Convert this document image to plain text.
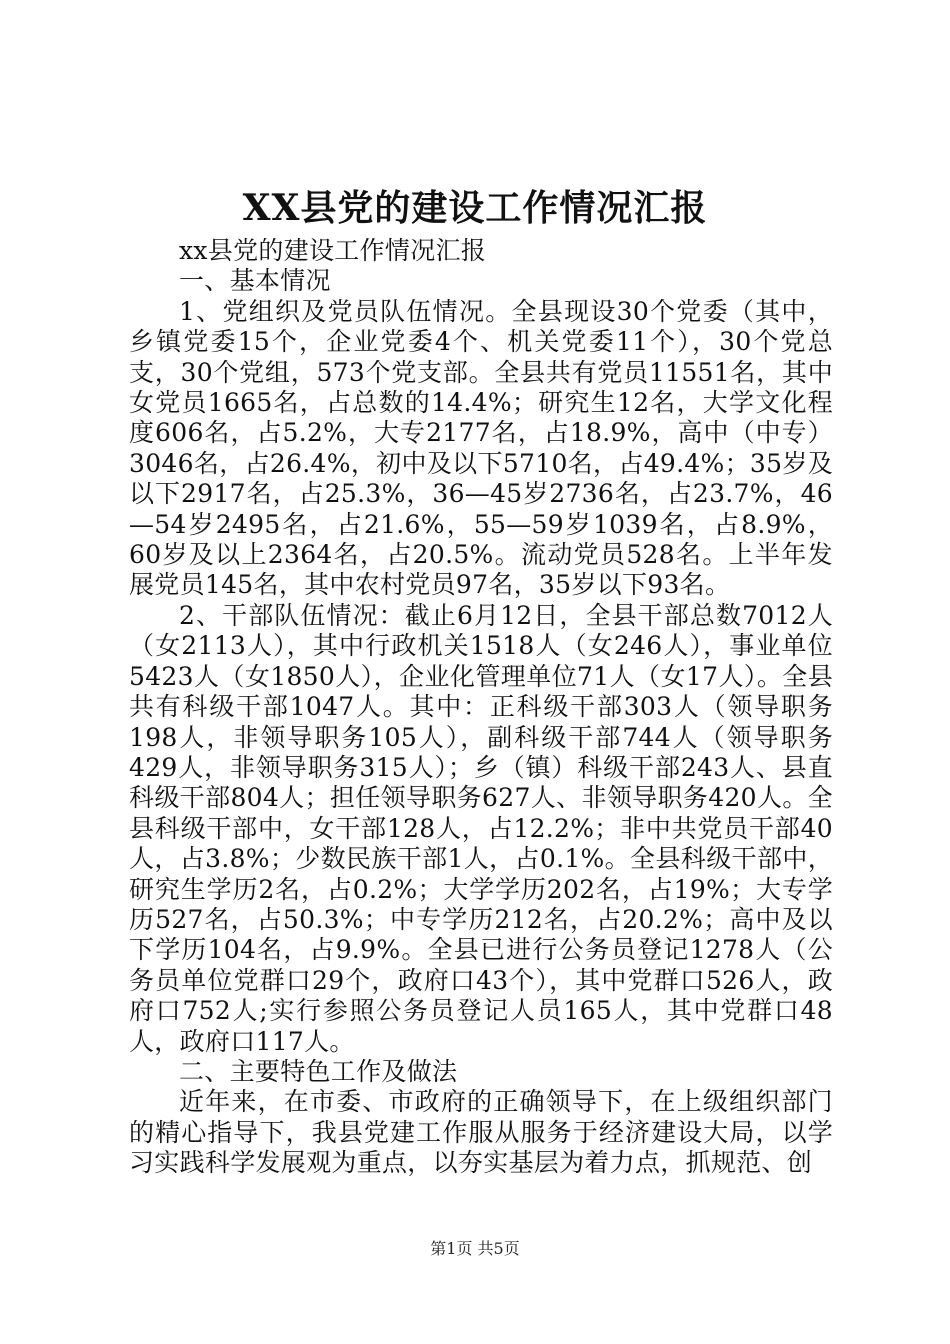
XX县党的建设工作情况汇报

xx县党的建设工作情况汇报

一、基本情况

1、党组织及党员队伍情况。全县现设30个党委（其中，乡镇党委15个，企业党委4个、机关党委11个），30个党总支，30个党组，573个党支部。全县共有党员11551名，其中女党员1665名，占总数的14.4%；研究生12名，大学文化程度606名，占5.2%，大专2177名，占18.9%，高中（中专）3046名，占26.4%，初中及以下5710名，占49.4%；35岁及以下2917名，占25.3%，36—45岁2736名，占23.7%，46—54岁2495名，占21.6%，55—59岁1039名，占8.9%，60岁及以上2364名，占20.5%。流动党员528名。上半年发展党员145名，其中农村党员97名，35岁以下93名。

2、干部队伍情况：截止6月12日，全县干部总数7012人（女2113人），其中行政机关1518人（女246人），事业单位5423人（女1850人），企业化管理单位71人（女17人）。全县共有科级干部1047人。其中：正科级干部303人（领导职务198人，非领导职务105人），副科级干部744人（领导职务429人，非领导职务315人）；乡（镇）科级干部243人、县直科级干部804人；担任领导职务627人、非领导职务420人。全县科级干部中，女干部128人，占12.2%；非中共党员干部40人，占3.8%；少数民族干部1人，占0.1%。全县科级干部中，研究生学历2名，占0.2%；大学学历202名，占19%；大专学历527名，占50.3%；中专学历212名，占20.2%；高中及以下学历104名，占9.9%。全县已进行公务员登记1278人（公务员单位党群口29个，政府口43个），其中党群口526人，政府口752人;实行参照公务员登记人员165人，其中党群口48人，政府口117人。

二、主要特色工作及做法

近年来，在市委、市政府的正确领导下，在上级组织部门的精心指导下，我县党建工作服从服务于经济建设大局，以学习实践科学发展观为重点，以夯实基层为着力点，抓规范、创

第1页 共5页
